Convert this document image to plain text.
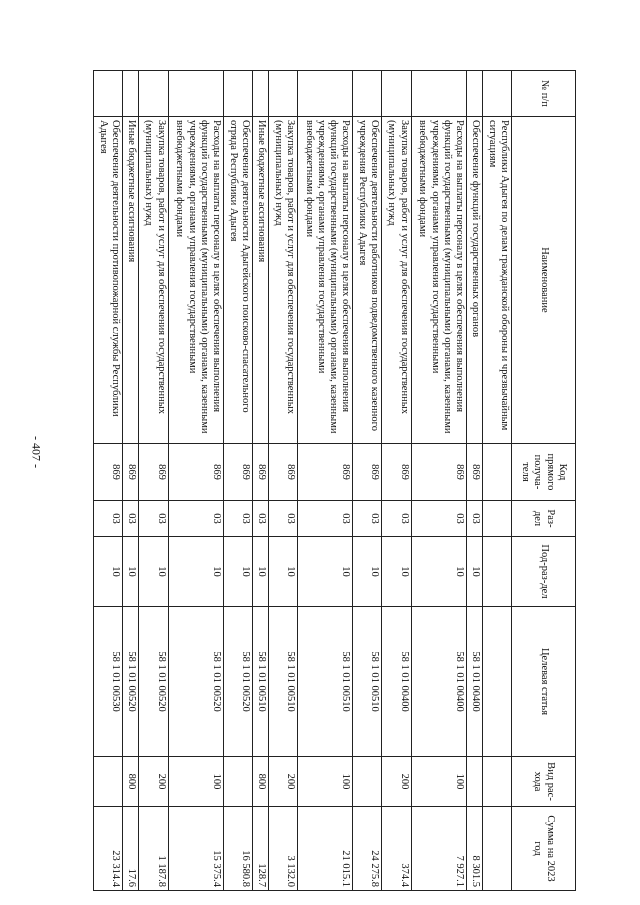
- 407 -
№ п/п	Наименование	Код прямого получа-теля	Раз-дел	Под-раз-дел	Целевая статья	Вид рас-хода	Сумма на 2023 год
	Республики Адыгея по делам гражданской обороны и чрезвычайным ситуациям						
	Обеспечение функций государственных органов	869	03	10	58 1 01 00400		8 301.5
	Расходы на выплаты персоналу в целях обеспечения выполнения функций государственными (муниципальными) органами, казенными учреждениями, органами управления государственными внебюджетными фондами	869	03	10	58 1 01 00400	100	7 927.1
	Закупка товаров, работ и услуг для обеспечения государственных (муниципальных) нужд	869	03	10	58 1 01 00400	200	374.4
	Обеспечение деятельности работников подведомственного казенного учреждения Республики Адыгея	869	03	10	58 1 01 00510		24 275.8
	Расходы на выплаты персоналу в целях обеспечения выполнения функций государственными (муниципальными) органами, казенными учреждениями, органами управления государственными внебюджетными фондами	869	03	10	58 1 01 00510	100	21 015.1
	Закупка товаров, работ и услуг для обеспечения государственных (муниципальных) нужд	869	03	10	58 1 01 00510	200	3 132.0
	Иные бюджетные ассигнования	869	03	10	58 1 01 00510	800	128.7
	Обеспечение деятельности Адыгейского поисково-спасательного отряда Республики Адыгея	869	03	10	58 1 01 00520		16 580.8
	Расходы на выплаты персоналу в целях обеспечения выполнения функций государственными (муниципальными) органами, казенными учреждениями, органами управления государственными внебюджетными фондами	869	03	10	58 1 01 00520	100	15 375.4
	Закупка товаров, работ и услуг для обеспечения государственных (муниципальных) нужд	869	03	10	58 1 01 00520	200	1 187.8
	Иные бюджетные ассигнования	869	03	10	58 1 01 00520	800	17.6
	Обеспечение деятельности противопожарной службы Республики Адыгея	869	03	10	58 1 01 00530		23 314.4
